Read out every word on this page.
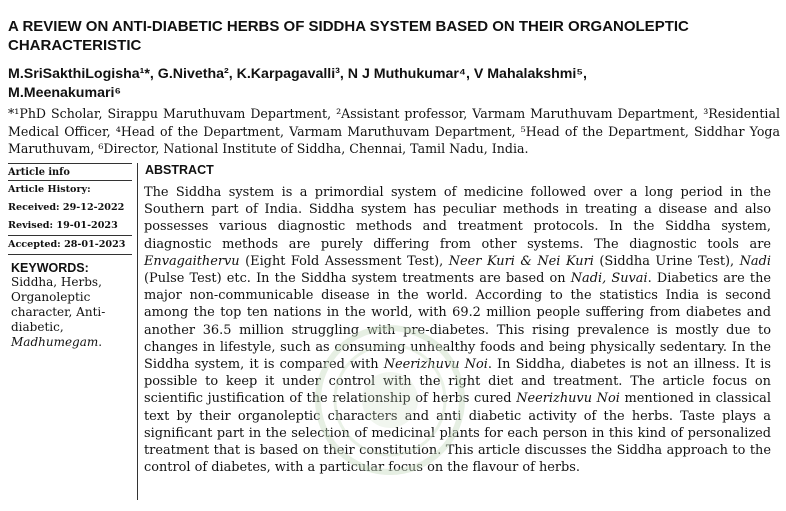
A REVIEW ON ANTI-DIABETIC HERBS OF SIDDHA SYSTEM BASED ON THEIR ORGANOLEPTIC CHARACTERISTIC
M.SriSakthiLogisha¹*, G.Nivetha², K.Karpagavalli³, N J Muthukumar⁴, V Mahalakshmi⁵,
M.Meenakumari⁶
*¹PhD Scholar, Sirappu Maruthuvam Department, ²Assistant professor, Varmam Maruthuvam Department, ³Residential Medical Officer, ⁴Head of the Department, Varmam Maruthuvam Department, ⁵Head of the Department, Siddhar Yoga Maruthuvam, ⁶Director, National Institute of Siddha, Chennai, Tamil Nadu, India.
Article info
Article History:
Received: 29-12-2022
Revised: 19-01-2023
Accepted: 28-01-2023
KEYWORDS:
Siddha, Herbs, Organoleptic character, Anti-diabetic, Madhumegam.
ABSTRACT

The Siddha system is a primordial system of medicine followed over a long period in the Southern part of India. Siddha system has peculiar methods in treating a disease and also possesses various diagnostic methods and treatment protocols. In the Siddha system, diagnostic methods are purely differing from other systems. The diagnostic tools are Envagaithervu (Eight Fold Assessment Test), Neer Kuri & Nei Kuri (Siddha Urine Test), Nadi (Pulse Test) etc. In the Siddha system treatments are based on Nadi, Suvai. Diabetics are the major non-communicable disease in the world. According to the statistics India is second among the top ten nations in the world, with 69.2 million people suffering from diabetes and another 36.5 million struggling with pre-diabetes. This rising prevalence is mostly due to changes in lifestyle, such as consuming unhealthy foods and being physically sedentary. In the Siddha system, it is compared with Neerizhuvu Noi. In Siddha, diabetes is not an illness. It is possible to keep it under control with the right diet and treatment. The article focus on scientific justification of the relationship of herbs cured Neerizhuvu Noi mentioned in classical text by their organoleptic characters and anti diabetic activity of the herbs. Taste plays a significant part in the selection of medicinal plants for each person in this kind of personalized treatment that is based on their constitution. This article discusses the Siddha approach to the control of diabetes, with a particular focus on the flavour of herbs.
